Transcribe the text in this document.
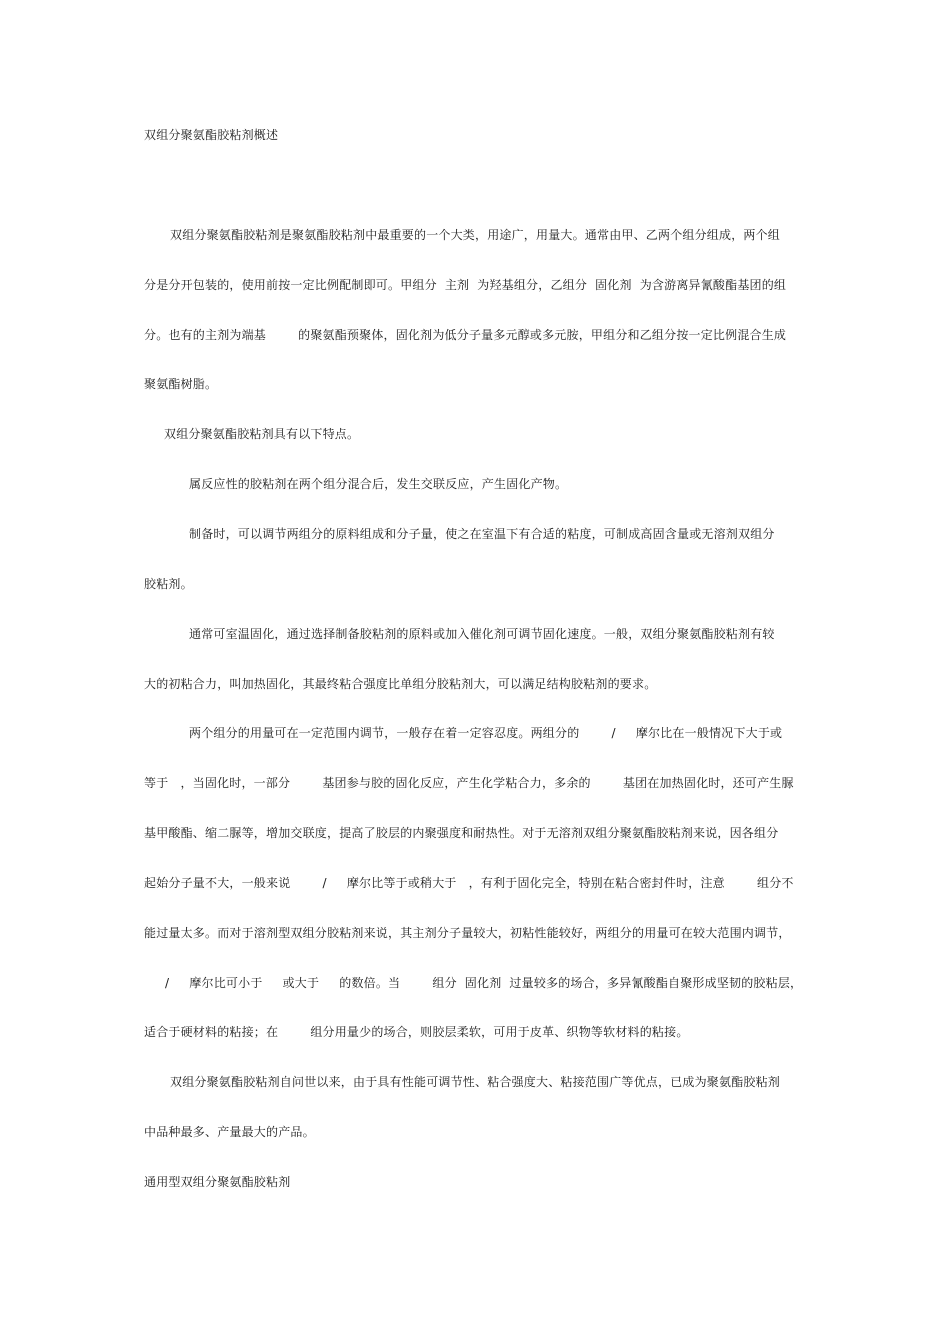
双组分聚氨酯胶粘剂概述
双组分聚氨酯胶粘剂是聚氨酯胶粘剂中最重要的一个大类，用途广，用量大。通常由甲、乙两个组分组成，两个组
分是分开包装的，使用前按一定比例配制即可。甲组分  主剂  为羟基组分，乙组分  固化剂  为含游离异氰酸酯基团的组
分。也有的主剂为端基        的聚氨酯预聚体，固化剂为低分子量多元醇或多元胺，甲组分和乙组分按一定比例混合生成
聚氨酯树脂。
双组分聚氨酯胶粘剂具有以下特点。
属反应性的胶粘剂在两个组分混合后，发生交联反应，产生固化产物。
制备时，可以调节两组分的原料组成和分子量，使之在室温下有合适的粘度，可制成高固含量或无溶剂双组分
胶粘剂。
通常可室温固化，通过选择制备胶粘剂的原料或加入催化剂可调节固化速度。一般，双组分聚氨酯胶粘剂有较
大的初粘合力，叫加热固化，其最终粘合强度比单组分胶粘剂大，可以满足结构胶粘剂的要求。
两个组分的用量可在一定范围内调节，一般存在着一定容忍度。两组分的        /     摩尔比在一般情况下大于或
等于   ，当固化时，一部分        基团参与胶的固化反应，产生化学粘合力，多余的        基团在加热固化时，还可产生脲
基甲酸酯、缩二脲等，增加交联度，提高了胶层的内聚强度和耐热性。对于无溶剂双组分聚氨酯胶粘剂来说，因各组分
起始分子量不大，一般来说        /     摩尔比等于或稍大于   ，有利于固化完全，特别在粘合密封件时，注意        组分不
能过量太多。而对于溶剂型双组分胶粘剂来说，其主剂分子量较大，初粘性能较好，两组分的用量可在较大范围内调节，
/     摩尔比可小于     或大于     的数倍。当        组分  固化剂  过量较多的场合，多异氰酸酯自聚形成坚韧的胶粘层，
适合于硬材料的粘接；在        组分用量少的场合，则胶层柔软，可用于皮革、织物等软材料的粘接。
双组分聚氨酯胶粘剂自问世以来，由于具有性能可调节性、粘合强度大、粘接范围广等优点，已成为聚氨酯胶粘剂
中品种最多、产量最大的产品。
通用型双组分聚氨酯胶粘剂
